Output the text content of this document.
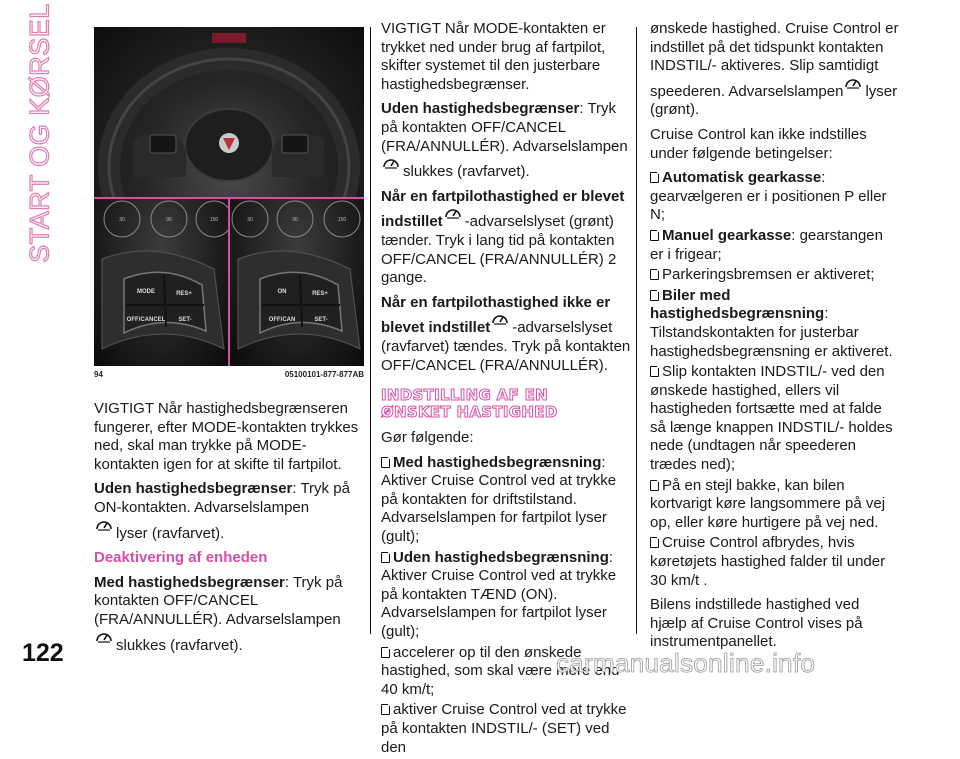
START OG KØRSEL	30	90	150
MODE	RES+
OFF/CANCEL SET-
30	90	150
ON	RES+
OFF/CAN	SET-
94	05100101-877-877AB

VIGTIGT Når hastighedsbegrænseren fungerer, efter MODE-kontakten trykkes ned, skal man trykke på MODE-kontakten igen for at skifte til fartpilot.

Uden hastighedsbegrænser: Tryk på ON-kontakten. Advarselslampen
lyser (ravfarvet).

Deaktivering af enheden

Med hastighedsbegrænser: Tryk på kontakten OFF/CANCEL (FRA/ANNULLÉR). Advarselslampen
slukkes (ravfarvet).

VIGTIGT Når MODE-kontakten er trykket ned under brug af fartpilot, skifter systemet til den justerbare hastighedsbegrænser.

Uden hastighedsbegrænser: Tryk på kontakten OFF/CANCEL (FRA/ANNULLÉR). Advarselslampen
slukkes (ravfarvet).

Når en fartpilothastighed er blevet indstillet -advarselslyset (grønt) tænder. Tryk i lang tid på kontakten OFF/CANCEL (FRA/ANNULLÉR) 2 gange.

Når en fartpilothastighed ikke er blevet indstillet -advarselslyset (ravfarvet) tændes. Tryk på kontakten OFF/CANCEL (FRA/ANNULLÉR).

INDSTILLING AF EN
ØNSKET HASTIGHED

Gør følgende:

Med hastighedsbegrænsning: Aktiver Cruise Control ved at trykke på kontakten for driftstilstand. Advarselslampen for fartpilot lyser (gult);

Uden hastighedsbegrænsning: Aktiver Cruise Control ved at trykke på kontakten TÆND (ON). Advarselslampen for fartpilot lyser (gult);

accelerer op til den ønskede hastighed, som skal være mere end 40 km/t;

aktiver Cruise Control ved at trykke på kontakten INDSTIL/- (SET) ved den

ønskede hastighed. Cruise Control er indstillet på det tidspunkt kontakten INDSTIL/- aktiveres. Slip samtidigt speederen. Advarselslampen lyser (grønt).

Cruise Control kan ikke indstilles under følgende betingelser:

Automatisk gearkasse: gearvælgeren er i positionen P eller N;

Manuel gearkasse: gearstangen er i frigear;

Parkeringsbremsen er aktiveret;

Biler med hastighedsbegrænsning: Tilstandskontakten for justerbar hastighedsbegrænsning er aktiveret.

Slip kontakten INDSTIL/- ved den ønskede hastighed, ellers vil hastigheden fortsætte med at falde så længe knappen INDSTIL/- holdes nede (undtagen når speederen trædes ned);

På en stejl bakke, kan bilen kortvarigt køre langsommere på vej op, eller køre hurtigere på vej ned.

Cruise Control afbrydes, hvis køretøjets hastighed falder til under 30 km/t .

Bilens indstillede hastighed ved hjælp af Cruise Control vises på instrumentpanellet.

122	carmanualsonline.info
